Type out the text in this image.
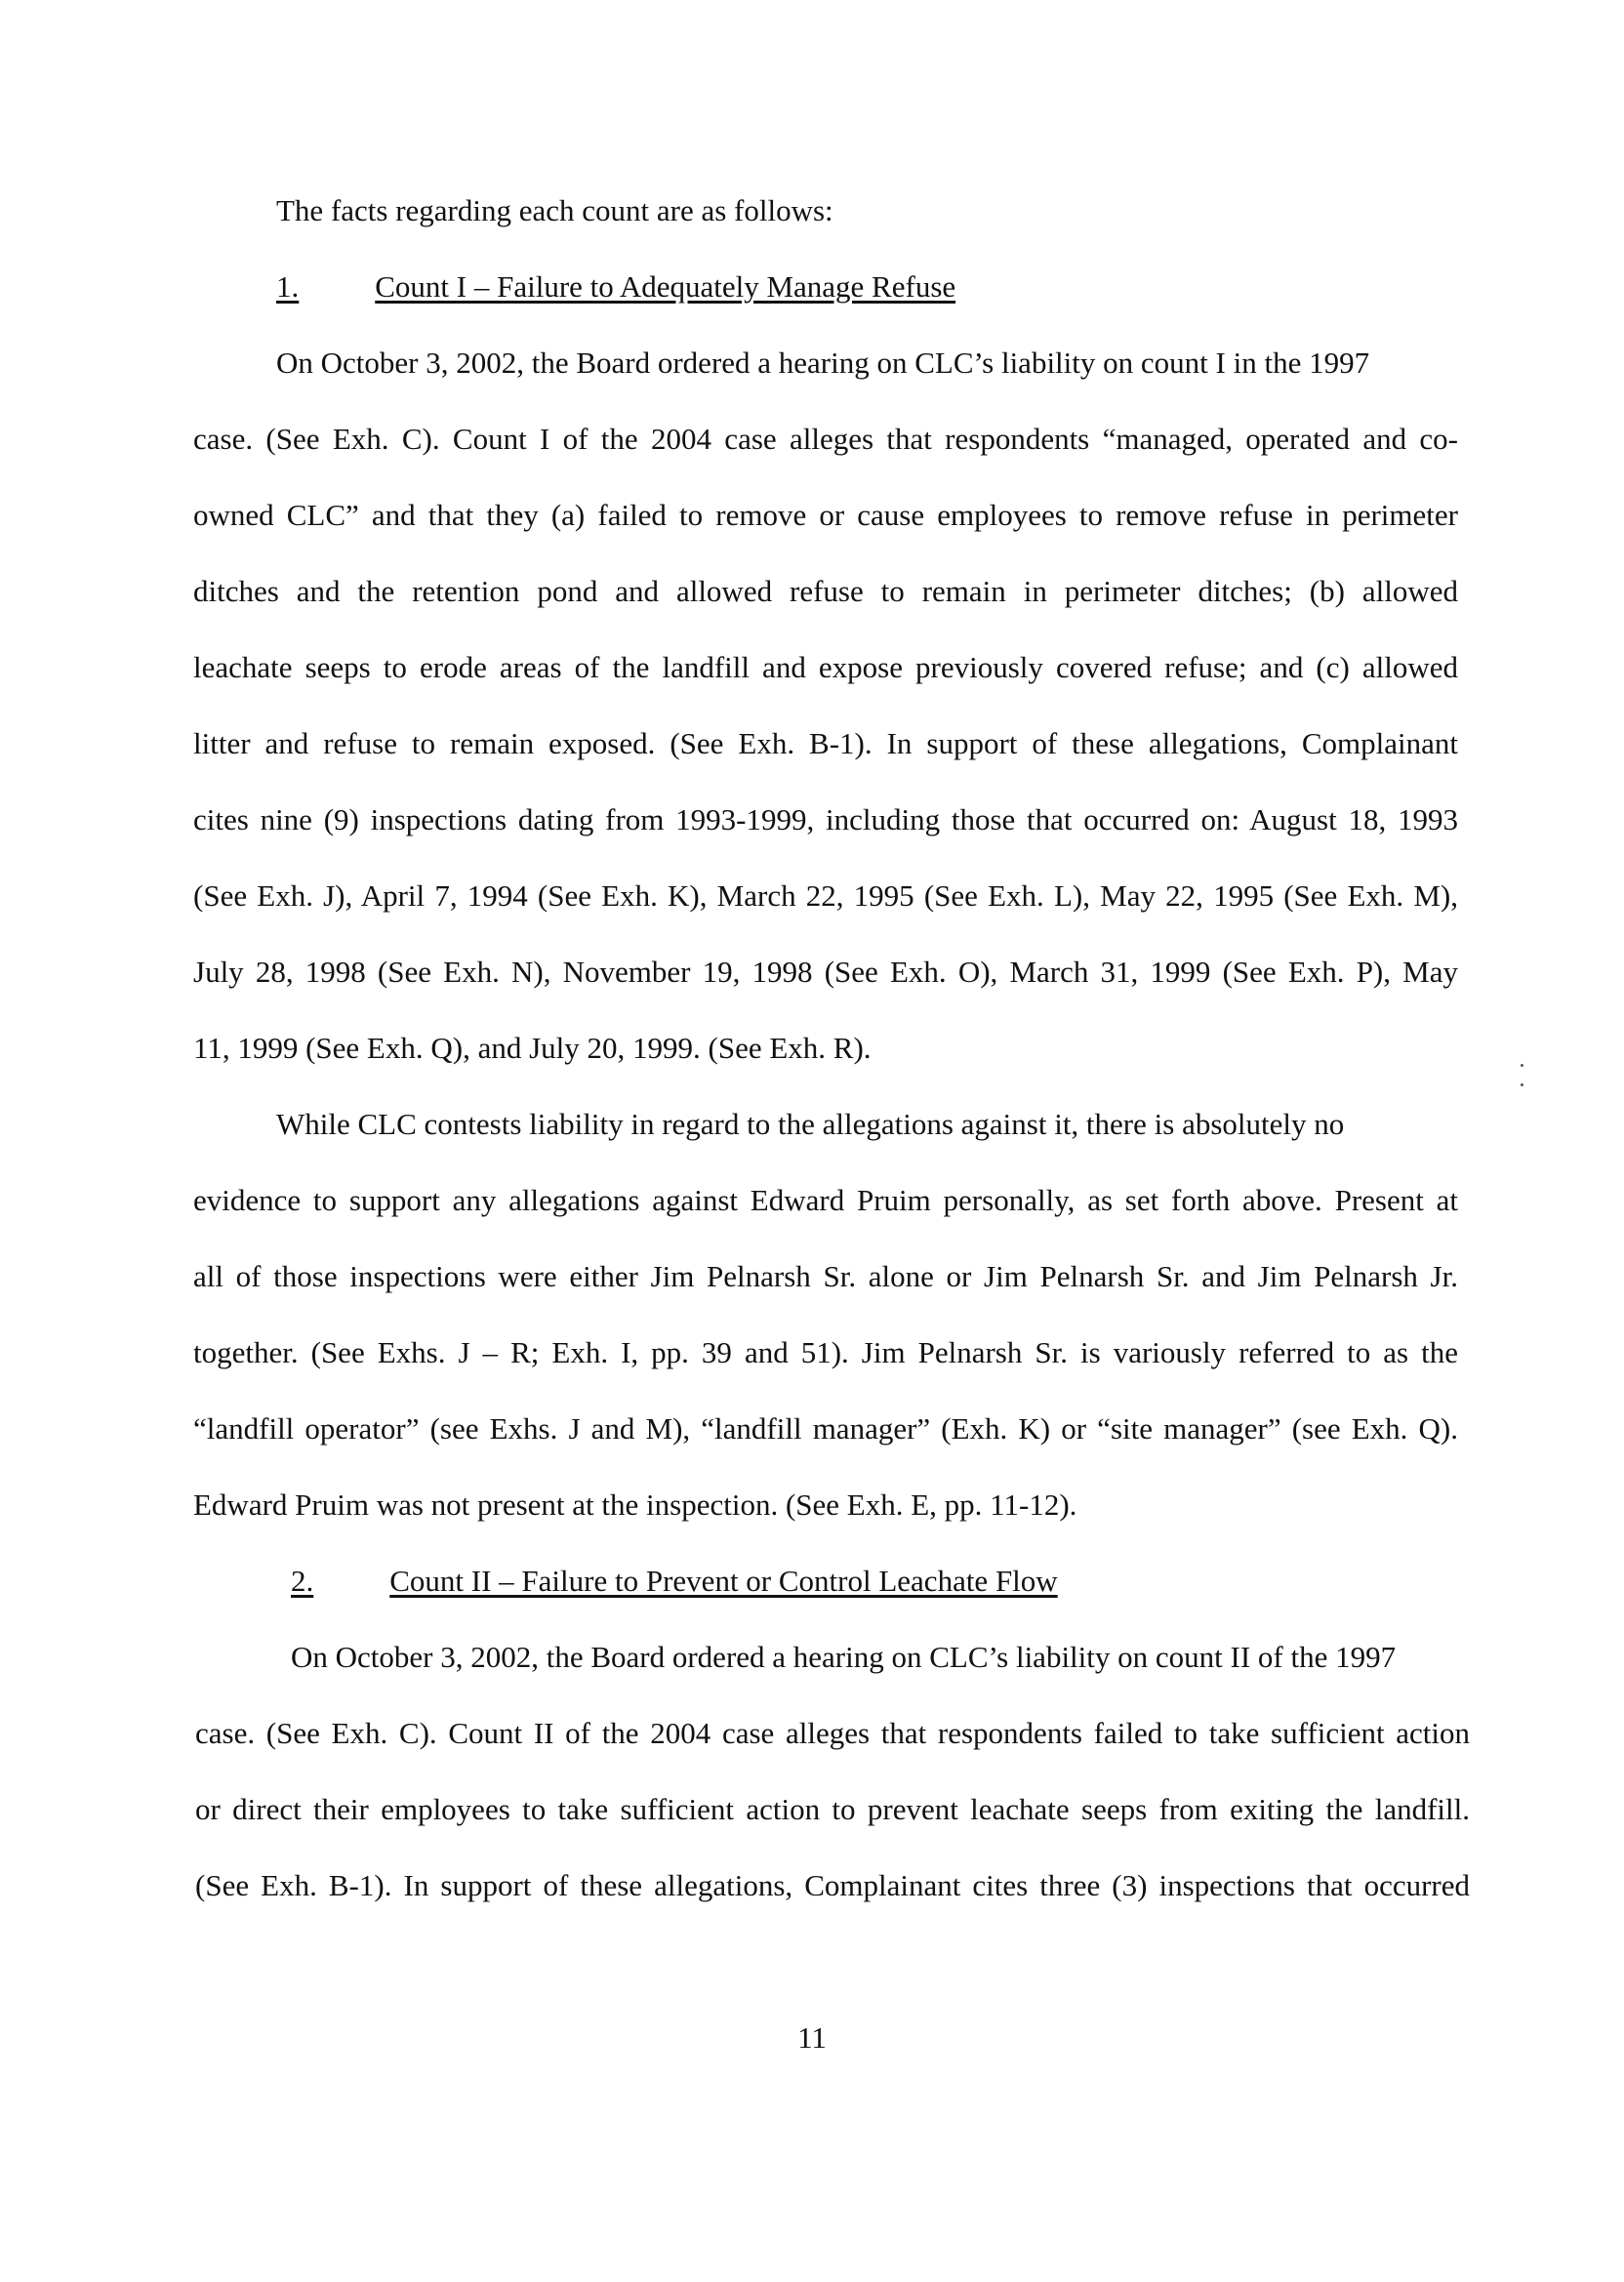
The facts regarding each count are as follows:
1.	Count I – Failure to Adequately Manage Refuse
On October 3, 2002, the Board ordered a hearing on CLC’s liability on count I in the 1997
case. (See Exh. C). Count I of the 2004 case alleges that respondents “managed, operated and co-
owned CLC” and that they (a) failed to remove or cause employees to remove refuse in perimeter
ditches and the retention pond and allowed refuse to remain in perimeter ditches; (b) allowed
leachate seeps to erode areas of the landfill and expose previously covered refuse; and (c) allowed
litter and refuse to remain exposed. (See Exh. B-1). In support of these allegations, Complainant
cites nine (9) inspections dating from 1993-1999, including those that occurred on: August 18, 1993
(See Exh. J), April 7, 1994 (See Exh. K), March 22, 1995 (See Exh. L), May 22, 1995 (See Exh. M),
July 28, 1998 (See Exh. N), November 19, 1998 (See Exh. O), March 31, 1999 (See Exh. P), May
11, 1999 (See Exh. Q), and July 20, 1999. (See Exh. R).
While CLC contests liability in regard to the allegations against it, there is absolutely no
evidence to support any allegations against Edward Pruim personally, as set forth above. Present at
all of those inspections were either Jim Pelnarsh Sr. alone or Jim Pelnarsh Sr. and Jim Pelnarsh Jr.
together. (See Exhs. J – R; Exh. I, pp. 39 and 51). Jim Pelnarsh Sr. is variously referred to as the
“landfill operator” (see Exhs. J and M), “landfill manager” (Exh. K) or “site manager” (see Exh. Q).
Edward Pruim was not present at the inspection. (See Exh. E, pp. 11-12).
2.	Count II – Failure to Prevent or Control Leachate Flow
On October 3, 2002, the Board ordered a hearing on CLC’s liability on count II of the 1997
case. (See Exh. C). Count II of the 2004 case alleges that respondents failed to take sufficient action
or direct their employees to take sufficient action to prevent leachate seeps from exiting the landfill.
(See Exh. B-1). In support of these allegations, Complainant cites three (3) inspections that occurred
11
